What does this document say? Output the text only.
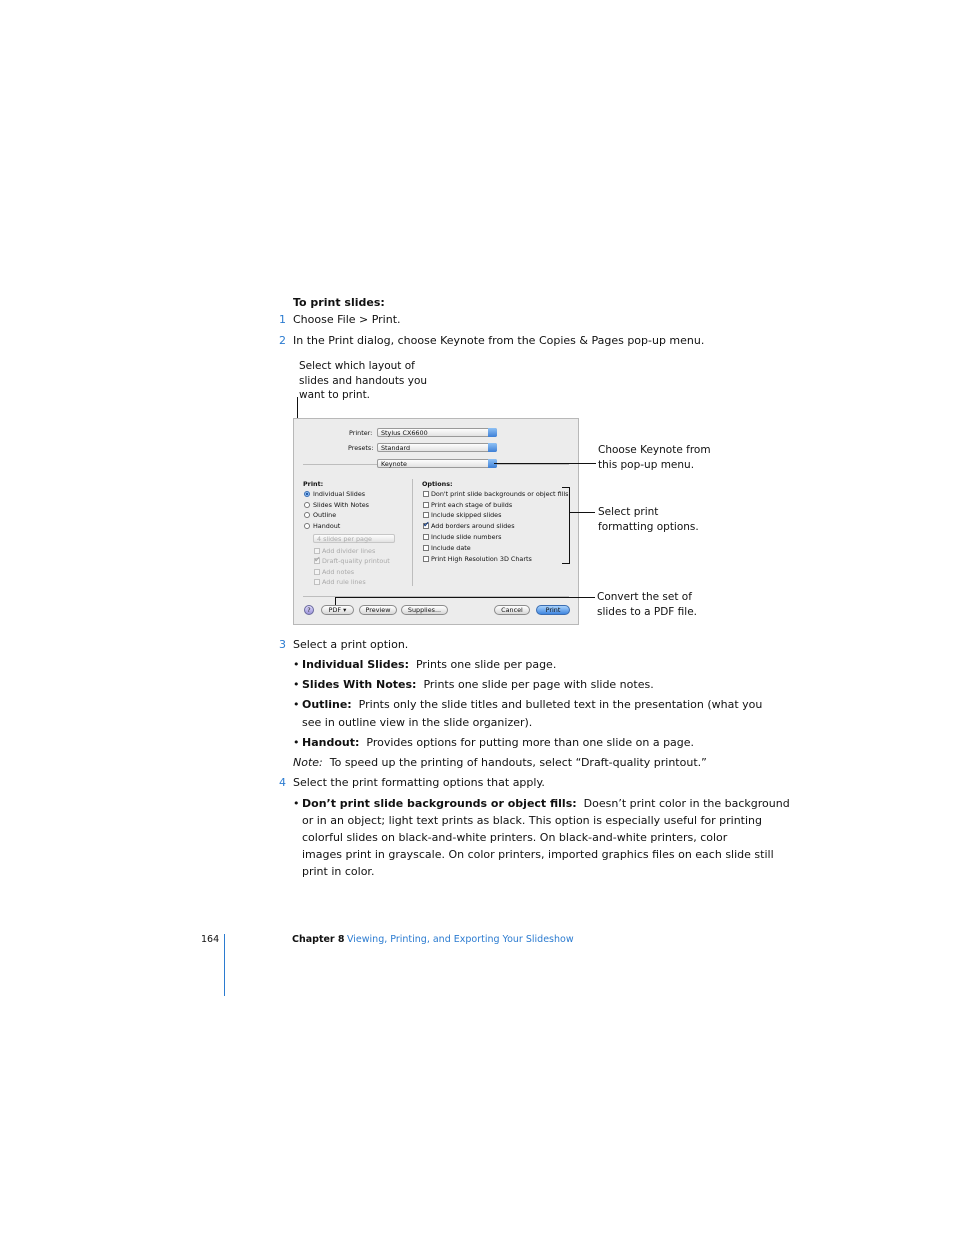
To print slides:
1 Choose File > Print.
2 In the Print dialog, choose Keynote from the Copies & Pages pop-up menu.
Select which layout of
slides and handouts you
want to print.
Printer: Stylus CX6600
Presets: Standard
Keynote
Print:
Individual Slides
Slides With Notes
Outline
Handout
4 slides per page
Add divider lines
✔
Draft-quality printout
Add notes
Add rule lines
Options:
Don't print slide backgrounds or object fills
Print each stage of builds
Include skipped slides
✔
Add borders around slides
Include slide numbers
Include date
Print High Resolution 3D Charts
?	PDF ▾	Preview	Supplies...	Cancel	Print
Choose Keynote from
this pop-up menu.
Select print
formatting options.
Convert the set of
slides to a PDF file.
3 Select a print option.
• Individual Slides: Prints one slide per page.
• Slides With Notes: Prints one slide per page with slide notes.
• Outline: Prints only the slide titles and bulleted text in the presentation (what you
see in outline view in the slide organizer).
• Handout: Provides options for putting more than one slide on a page.
Note: To speed up the printing of handouts, select “Draft-quality printout.”
4 Select the print formatting options that apply.
• Don’t print slide backgrounds or object fills: Doesn’t print color in the background
or in an object; light text prints as black. This option is especially useful for printing
colorful slides on black-and-white printers. On black-and-white printers, color
images print in grayscale. On color printers, imported graphics files on each slide still
print in color.
164	Chapter 8 Viewing, Printing, and Exporting Your Slideshow
